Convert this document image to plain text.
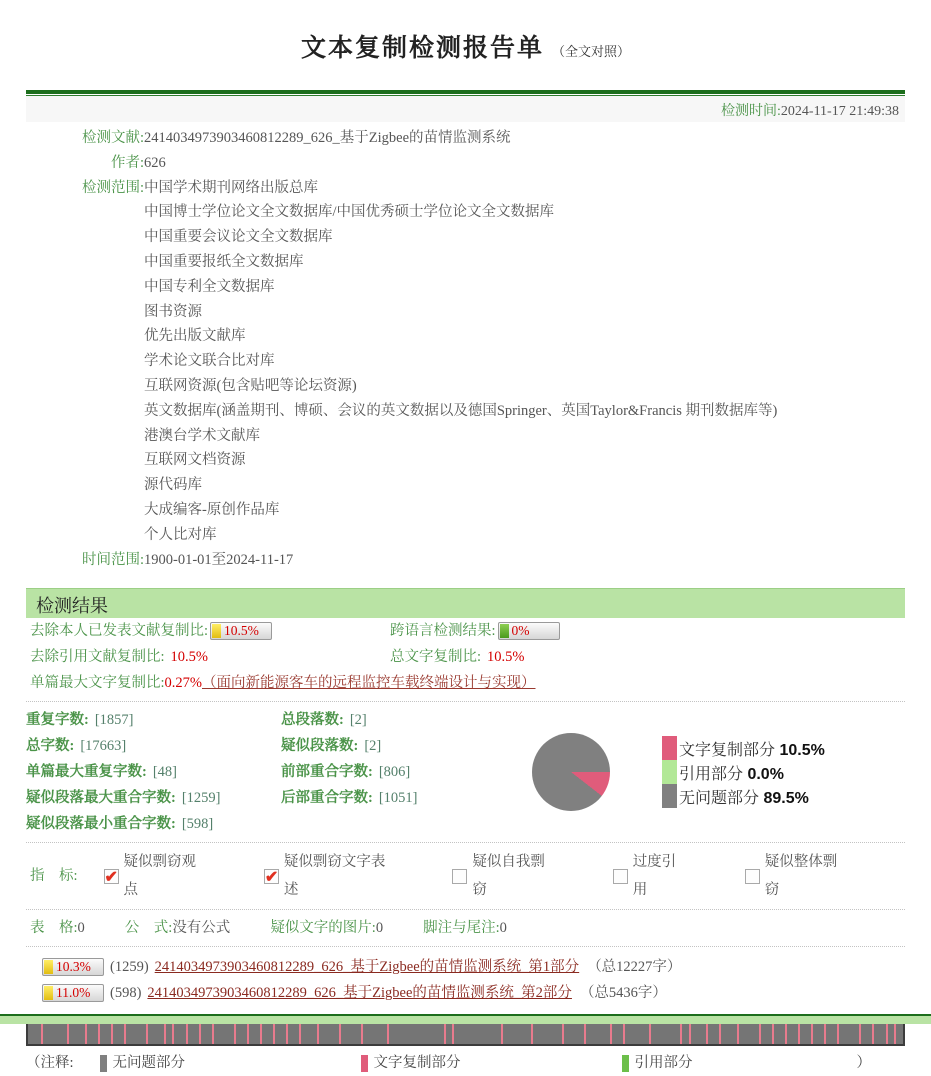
文本复制检测报告单 （全文对照）
检测时间:2024-11-17 21:49:38
检测文献: 2414034973903460812289_626_基于Zigbee的苗情监测系统
作者: 626
检测范围: 中国学术期刊网络出版总库
中国博士学位论文全文数据库/中国优秀硕士学位论文全文数据库
中国重要会议论文全文数据库
中国重要报纸全文数据库
中国专利全文数据库
图书资源
优先出版文献库
学术论文联合比对库
互联网资源(包含贴吧等论坛资源)
英文数据库(涵盖期刊、博硕、会议的英文数据以及德国Springer、英国Taylor&Francis 期刊数据库等)
港澳台学术文献库
互联网文档资源
源代码库
大成编客-原创作品库
个人比对库
时间范围: 1900-01-01至2024-11-17
检测结果
去除本人已发表文献复制比: 10.5%	跨语言检测结果: 0%
去除引用文献复制比: 10.5%	总文字复制比: 10.5%
单篇最大文字复制比: 0.27% （面向新能源客车的远程监控车载终端设计与实现）
重复字数: [1857]	总段落数: [2]
总字数: [17663]	疑似段落数: [2]
单篇最大重复字数: [48]	前部重合字数: [806]
疑似段落最大重合字数: [1259]	后部重合字数: [1051]
疑似段落最小重合字数: [598]
文字复制部分 10.5%
引用部分 0.0%
无问题部分 89.5%
指    标:
✔
疑似剽窃观点
✔
疑似剽窃文字表述
疑似自我剽窃
过度引用
疑似整体剽窃
表    格:0	公    式:没有公式	疑似文字的图片:0	脚注与尾注:0
10.3% (1259) 2414034973903460812289_626_基于Zigbee的苗情监测系统_第1部分 （总12227字）
11.0% (598) 2414034973903460812289_626_基于Zigbee的苗情监测系统_第2部分 （总5436字）
（注释:	无问题部分	文字复制部分	引用部分	）
